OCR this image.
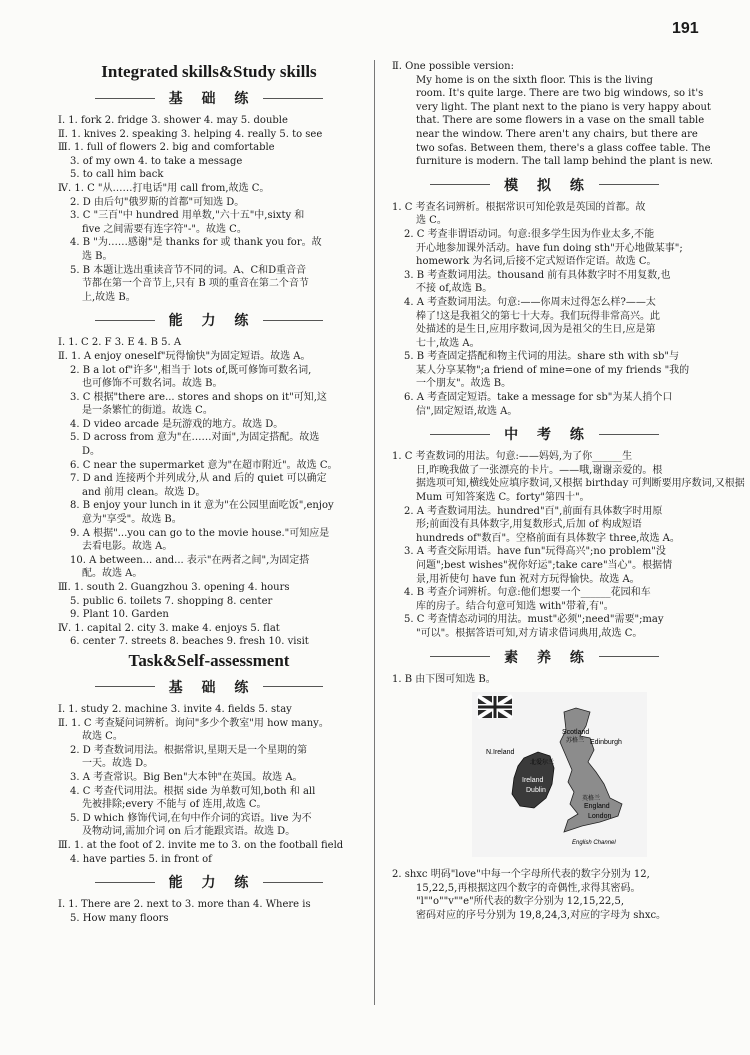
191
Integrated skills&Study skills
基 础 练
Ⅰ. 1. fork 2. fridge 3. shower 4. may 5. double
Ⅱ. 1. knives 2. speaking 3. helping 4. really 5. to see
Ⅲ. 1. full of flowers 2. big and comfortable
3. of my own 4. to take a message
5. to call him back
Ⅳ. 1. C "从……打电话"用 call from,故选 C。
2. D 由后句"俄罗斯的首都"可知选 D。
3. C "三百"中 hundred 用单数,"六十五"中,sixty 和
five 之间需要有连字符"-"。故选 C。
4. B "为……感谢"是 thanks for 或 thank you for。故
选 B。
5. B 本题让选出重读音节不同的词。A、C和D重音音
节都在第一个音节上,只有 B 项的重音在第二个音节
上,故选 B。
能 力 练
Ⅰ. 1. C 2. F 3. E 4. B 5. A
Ⅱ. 1. A enjoy oneself"玩得愉快"为固定短语。故选 A。
2. B a lot of"许多",相当于 lots of,既可修饰可数名词,
也可修饰不可数名词。故选 B。
3. C 根据"there are... stores and shops on it"可知,这
是一条繁忙的街道。故选 C。
4. D video arcade 是玩游戏的地方。故选 D。
5. D across from 意为"在……对面",为固定搭配。故选
D。
6. C near the supermarket 意为"在超市附近"。故选 C。
7. D and 连接两个并列成分,从 and 后的 quiet 可以确定
and 前用 clean。故选 D。
8. B enjoy your lunch in it 意为"在公园里面吃饭",enjoy
意为"享受"。故选 B。
9. A 根据"...you can go to the movie house."可知应是
去看电影。故选 A。
10. A between... and... 表示"在两者之间",为固定搭
配。故选 A。
Ⅲ. 1. south 2. Guangzhou 3. opening 4. hours
5. public 6. toilets 7. shopping 8. center
9. Plant 10. Garden
Ⅳ. 1. capital 2. city 3. make 4. enjoys 5. flat
6. center 7. streets 8. beaches 9. fresh 10. visit
Task&Self-assessment
基 础 练
Ⅰ. 1. study 2. machine 3. invite 4. fields 5. stay
Ⅱ. 1. C 考查疑问词辨析。询问"多少个教室"用 how many。
故选 C。
2. D 考查数词用法。根据常识,星期天是一个星期的第
一天。故选 D。
3. A 考查常识。Big Ben"大本钟"在英国。故选 A。
4. C 考查代词用法。根据 side 为单数可知,both 和 all
先被排除;every 不能与 of 连用,故选 C。
5. D which 修饰代词,在句中作介词的宾语。live 为不
及物动词,需加介词 on 后才能跟宾语。故选 D。
Ⅲ. 1. at the foot of 2. invite me to 3. on the football field
4. have parties 5. in front of
能 力 练
Ⅰ. 1. There are 2. next to 3. more than 4. Where is
5. How many floors
Ⅱ. One possible version:
My home is on the sixth floor. This is the living
room. It's quite large. There are two big windows, so it's
very light. The plant next to the piano is very happy about
that. There are some flowers in a vase on the small table
near the window. There aren't any chairs, but there are
two sofas. Between them, there's a glass coffee table. The
furniture is modern. The tall lamp behind the plant is new.
模 拟 练
1. C 考查名词辨析。根据常识可知伦敦是英国的首都。故
选 C。
2. C 考查非谓语动词。句意:很多学生因为作业太多,不能
开心地参加课外活动。have fun doing sth"开心地做某事";
homework 为名词,后接不定式短语作定语。故选 C。
3. B 考查数词用法。thousand 前有具体数字时不用复数,也
不接 of,故选 B。
4. A 考查数词用法。句意:——你周末过得怎么样?——太
棒了!这是我祖父的第七十大寿。我们玩得非常高兴。此
处描述的是生日,应用序数词,因为是祖父的生日,应是第
七十,故选 A。
5. B 考查固定搭配和物主代词的用法。share sth with sb"与
某人分享某物";a friend of mine=one of my friends "我的
一个朋友"。故选 B。
6. A 考查固定短语。take a message for sb"为某人捎个口
信",固定短语,故选 A。
中 考 练
1. C 考查数词的用法。句意:——妈妈,为了你______生
日,昨晚我做了一张漂亮的卡片。——哦,谢谢亲爱的。根
据选项可知,横线处应填序数词,又根据 birthday 可判断要用序数词,又根据
Mum 可知答案选 C。forty"第四十"。
2. A 考查数词用法。hundred"百",前面有具体数字时用原
形;前面没有具体数字,用复数形式,后加 of 构成短语
hundreds of"数百"。空格前面有具体数字 three,故选 A。
3. A 考查交际用语。have fun"玩得高兴";no problem"没
问题";best wishes"祝你好运";take care"当心"。根据情
景,用祈使句 have fun 祝对方玩得愉快。故选 A。
4. B 考查介词辨析。句意:他们想要一个______花园和车
库的房子。结合句意可知选 with"带着,有"。
5. C 考查情态动词的用法。must"必须";need"需要";may
"可以"。根据答语可知,对方请求借词典用,故选 C。
素 养 练
1. B 由下图可知选 B。
Scotland
苏格兰 Edinburgh
N.Ireland
北爱尔兰
Ireland
Dublin
英格兰
England
London
English Channel
2. shxc 明码"love"中每一个字母所代表的数字分别为 12,
15,22,5,再根据这四个数字的奇偶性,求得其密码。
"l""o""v""e"所代表的数字分别为 12,15,22,5,
密码对应的序号分别为 19,8,24,3,对应的字母为 shxc。
